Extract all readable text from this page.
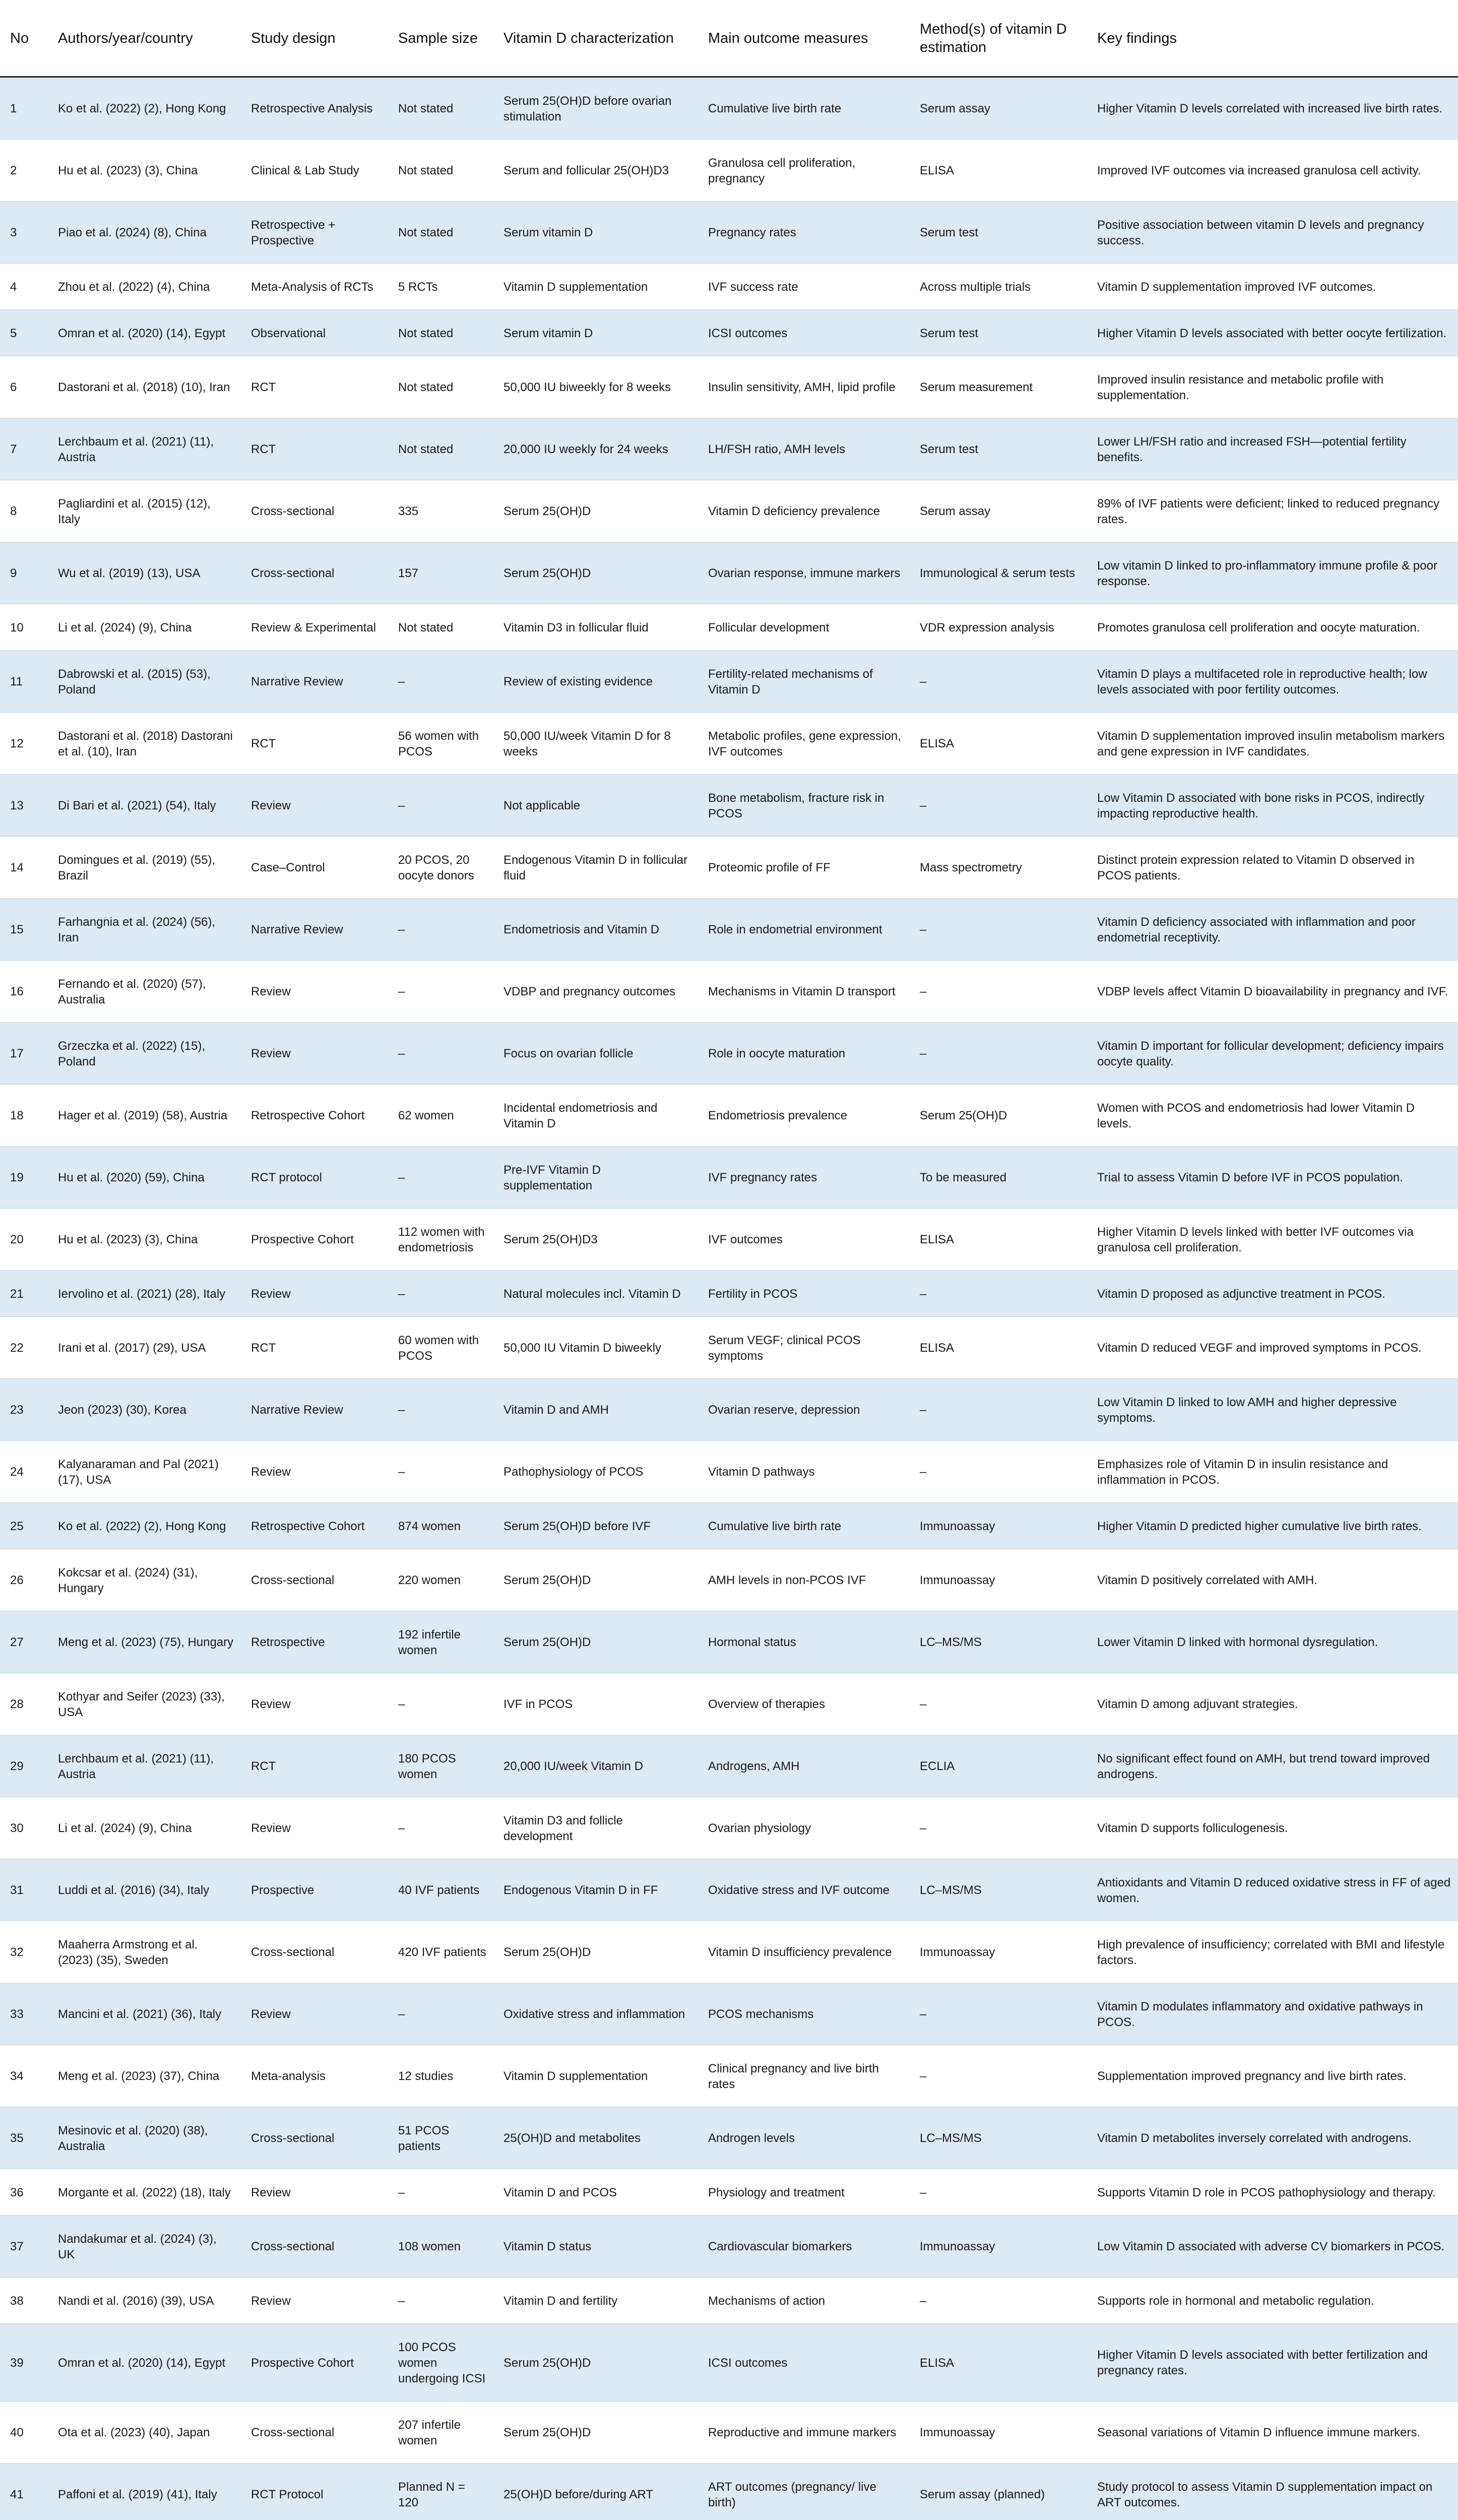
No	Authors/year/country	Study design	Sample size	Vitamin D characterization	Main outcome measures	Method(s) of vitamin D estimation	Key findings
1	Ko et al. (2022) (2), Hong Kong	Retrospective Analysis	Not stated	Serum 25(OH)D before ovarian stimulation	Cumulative live birth rate	Serum assay	Higher Vitamin D levels correlated with increased live birth rates.
2	Hu et al. (2023) (3), China	Clinical & Lab Study	Not stated	Serum and follicular 25(OH)D3	Granulosa cell proliferation, pregnancy	ELISA	Improved IVF outcomes via increased granulosa cell activity.
3	Piao et al. (2024) (8), China	Retrospective + Prospective	Not stated	Serum vitamin D	Pregnancy rates	Serum test	Positive association between vitamin D levels and pregnancy success.
4	Zhou et al. (2022) (4), China	Meta-Analysis of RCTs	5 RCTs	Vitamin D supplementation	IVF success rate	Across multiple trials	Vitamin D supplementation improved IVF outcomes.
5	Omran et al. (2020) (14), Egypt	Observational	Not stated	Serum vitamin D	ICSI outcomes	Serum test	Higher Vitamin D levels associated with better oocyte fertilization.
6	Dastorani et al. (2018) (10), Iran	RCT	Not stated	50,000 IU biweekly for 8 weeks	Insulin sensitivity, AMH, lipid profile	Serum measurement	Improved insulin resistance and metabolic profile with supplementation.
7	Lerchbaum et al. (2021) (11), Austria	RCT	Not stated	20,000 IU weekly for 24 weeks	LH/FSH ratio, AMH levels	Serum test	Lower LH/FSH ratio and increased FSH—potential fertility benefits.
8	Pagliardini et al. (2015) (12), Italy	Cross-sectional	335	Serum 25(OH)D	Vitamin D deficiency prevalence	Serum assay	89% of IVF patients were deficient; linked to reduced pregnancy rates.
9	Wu et al. (2019) (13), USA	Cross-sectional	157	Serum 25(OH)D	Ovarian response, immune markers	Immunological & serum tests	Low vitamin D linked to pro-inflammatory immune profile & poor response.
10	Li et al. (2024) (9), China	Review & Experimental	Not stated	Vitamin D3 in follicular fluid	Follicular development	VDR expression analysis	Promotes granulosa cell proliferation and oocyte maturation.
11	Dabrowski et al. (2015) (53), Poland	Narrative Review	–	Review of existing evidence	Fertility-related mechanisms of Vitamin D	–	Vitamin D plays a multifaceted role in reproductive health; low levels associated with poor fertility outcomes.
12	Dastorani et al. (2018) Dastorani et al. (10), Iran	RCT	56 women with PCOS	50,000 IU/week Vitamin D for 8 weeks	Metabolic profiles, gene expression, IVF outcomes	ELISA	Vitamin D supplementation improved insulin metabolism markers and gene expression in IVF candidates.
13	Di Bari et al. (2021) (54), Italy	Review	–	Not applicable	Bone metabolism, fracture risk in PCOS	–	Low Vitamin D associated with bone risks in PCOS, indirectly impacting reproductive health.
14	Domingues et al. (2019) (55), Brazil	Case–Control	20 PCOS, 20 oocyte donors	Endogenous Vitamin D in follicular fluid	Proteomic profile of FF	Mass spectrometry	Distinct protein expression related to Vitamin D observed in PCOS patients.
15	Farhangnia et al. (2024) (56), Iran	Narrative Review	–	Endometriosis and Vitamin D	Role in endometrial environment	–	Vitamin D deficiency associated with inflammation and poor endometrial receptivity.
16	Fernando et al. (2020) (57), Australia	Review	–	VDBP and pregnancy outcomes	Mechanisms in Vitamin D transport	–	VDBP levels affect Vitamin D bioavailability in pregnancy and IVF.
17	Grzeczka et al. (2022) (15), Poland	Review	–	Focus on ovarian follicle	Role in oocyte maturation	–	Vitamin D important for follicular development; deficiency impairs oocyte quality.
18	Hager et al. (2019) (58), Austria	Retrospective Cohort	62 women	Incidental endometriosis and Vitamin D	Endometriosis prevalence	Serum 25(OH)D	Women with PCOS and endometriosis had lower Vitamin D levels.
19	Hu et al. (2020) (59), China	RCT protocol	–	Pre-IVF Vitamin D supplementation	IVF pregnancy rates	To be measured	Trial to assess Vitamin D before IVF in PCOS population.
20	Hu et al. (2023) (3), China	Prospective Cohort	112 women with endometriosis	Serum 25(OH)D3	IVF outcomes	ELISA	Higher Vitamin D levels linked with better IVF outcomes via granulosa cell proliferation.
21	Iervolino et al. (2021) (28), Italy	Review	–	Natural molecules incl. Vitamin D	Fertility in PCOS	–	Vitamin D proposed as adjunctive treatment in PCOS.
22	Irani et al. (2017) (29), USA	RCT	60 women with PCOS	50,000 IU Vitamin D biweekly	Serum VEGF; clinical PCOS symptoms	ELISA	Vitamin D reduced VEGF and improved symptoms in PCOS.
23	Jeon (2023) (30), Korea	Narrative Review	–	Vitamin D and AMH	Ovarian reserve, depression	–	Low Vitamin D linked to low AMH and higher depressive symptoms.
24	Kalyanaraman and Pal (2021) (17), USA	Review	–	Pathophysiology of PCOS	Vitamin D pathways	–	Emphasizes role of Vitamin D in insulin resistance and inflammation in PCOS.
25	Ko et al. (2022) (2), Hong Kong	Retrospective Cohort	874 women	Serum 25(OH)D before IVF	Cumulative live birth rate	Immunoassay	Higher Vitamin D predicted higher cumulative live birth rates.
26	Kokcsar et al. (2024) (31), Hungary	Cross-sectional	220 women	Serum 25(OH)D	AMH levels in non-PCOS IVF	Immunoassay	Vitamin D positively correlated with AMH.
27	Meng et al. (2023) (75), Hungary	Retrospective	192 infertile women	Serum 25(OH)D	Hormonal status	LC–MS/MS	Lower Vitamin D linked with hormonal dysregulation.
28	Kothyar and Seifer (2023) (33), USA	Review	–	IVF in PCOS	Overview of therapies	–	Vitamin D among adjuvant strategies.
29	Lerchbaum et al. (2021) (11), Austria	RCT	180 PCOS women	20,000 IU/week Vitamin D	Androgens, AMH	ECLIA	No significant effect found on AMH, but trend toward improved androgens.
30	Li et al. (2024) (9), China	Review	–	Vitamin D3 and follicle development	Ovarian physiology	–	Vitamin D supports folliculogenesis.
31	Luddi et al. (2016) (34), Italy	Prospective	40 IVF patients	Endogenous Vitamin D in FF	Oxidative stress and IVF outcome	LC–MS/MS	Antioxidants and Vitamin D reduced oxidative stress in FF of aged women.
32	Maaherra Armstrong et al. (2023) (35), Sweden	Cross-sectional	420 IVF patients	Serum 25(OH)D	Vitamin D insufficiency prevalence	Immunoassay	High prevalence of insufficiency; correlated with BMI and lifestyle factors.
33	Mancini et al. (2021) (36), Italy	Review	–	Oxidative stress and inflammation	PCOS mechanisms	–	Vitamin D modulates inflammatory and oxidative pathways in PCOS.
34	Meng et al. (2023) (37), China	Meta-analysis	12 studies	Vitamin D supplementation	Clinical pregnancy and live birth rates	–	Supplementation improved pregnancy and live birth rates.
35	Mesinovic et al. (2020) (38), Australia	Cross-sectional	51 PCOS patients	25(OH)D and metabolites	Androgen levels	LC–MS/MS	Vitamin D metabolites inversely correlated with androgens.
36	Morgante et al. (2022) (18), Italy	Review	–	Vitamin D and PCOS	Physiology and treatment	–	Supports Vitamin D role in PCOS pathophysiology and therapy.
37	Nandakumar et al. (2024) (3), UK	Cross-sectional	108 women	Vitamin D status	Cardiovascular biomarkers	Immunoassay	Low Vitamin D associated with adverse CV biomarkers in PCOS.
38	Nandi et al. (2016) (39), USA	Review	–	Vitamin D and fertility	Mechanisms of action	–	Supports role in hormonal and metabolic regulation.
39	Omran et al. (2020) (14), Egypt	Prospective Cohort	100 PCOS women undergoing ICSI	Serum 25(OH)D	ICSI outcomes	ELISA	Higher Vitamin D levels associated with better fertilization and pregnancy rates.
40	Ota et al. (2023) (40), Japan	Cross-sectional	207 infertile women	Serum 25(OH)D	Reproductive and immune markers	Immunoassay	Seasonal variations of Vitamin D influence immune markers.
41	Paffoni et al. (2019) (41), Italy	RCT Protocol	Planned N = 120	25(OH)D before/during ART	ART outcomes (pregnancy/ live birth)	Serum assay (planned)	Study protocol to assess Vitamin D supplementation impact on ART outcomes.
